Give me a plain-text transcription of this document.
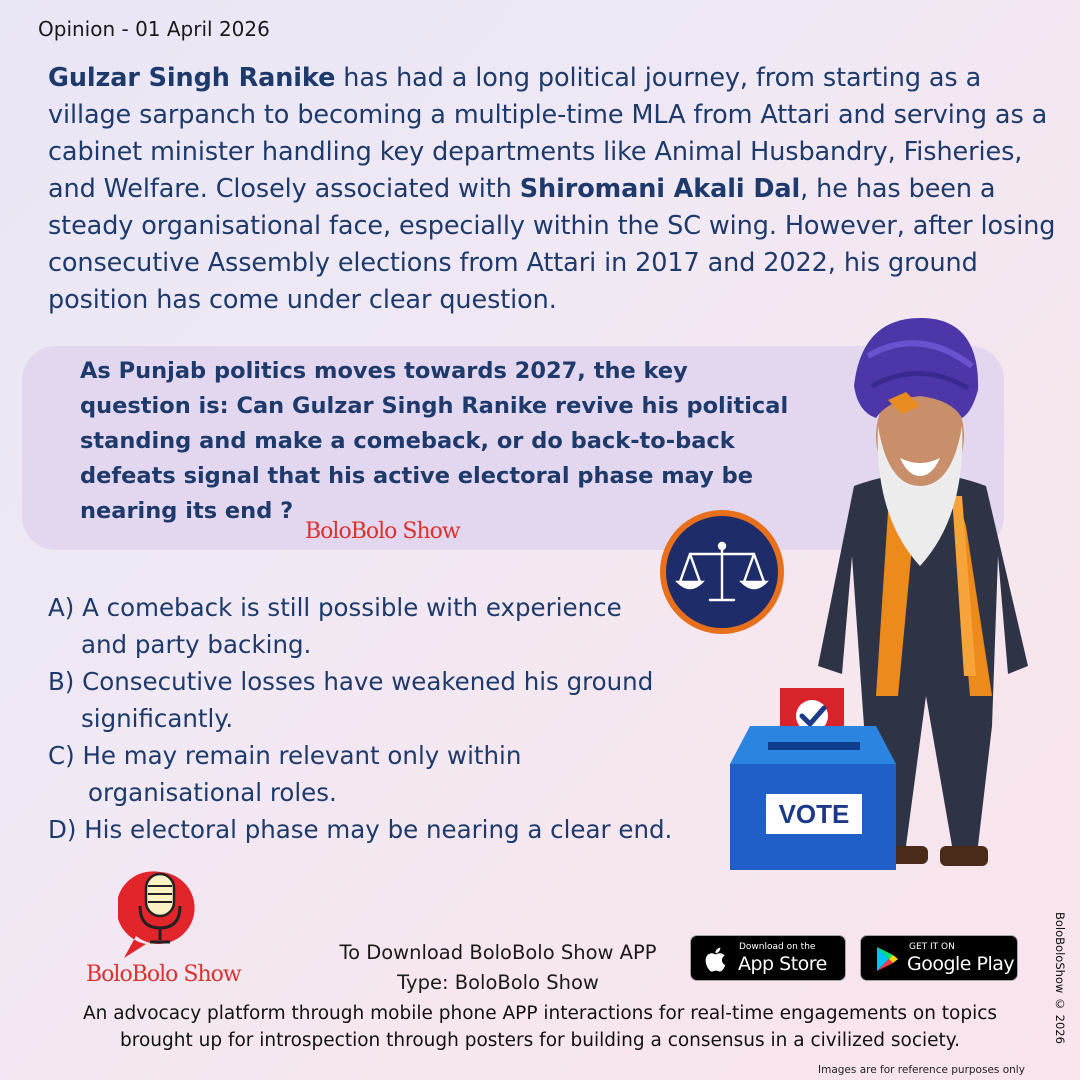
Opinion - 01 April 2026
Gulzar Singh Ranike has had a long political journey, from starting as a village sarpanch to becoming a multiple-time MLA from Attari and serving as a cabinet minister handling key departments like Animal Husbandry, Fisheries, and Welfare. Closely associated with Shiromani Akali Dal, he has been a steady organisational face, especially within the SC wing. However, after losing consecutive Assembly elections from Attari in 2017 and 2022, his ground position has come under clear question.
As Punjab politics moves towards 2027, the key question is: Can Gulzar Singh Ranike revive his political standing and make a comeback, or do back-to-back defeats signal that his active electoral phase may be nearing its end ?
BoloBolo Show
A) A comeback is still possible with experience
and party backing.
B) Consecutive losses have weakened his ground
significantly.
C) He may remain relevant only within
organisational roles.
D) His electoral phase may be nearing a clear end.
VOTE
BoloBolo Show
To Download BoloBolo Show APP
Type: BoloBolo Show
Download on the
App Store
GET IT ON
Google Play
An advocacy platform through mobile phone APP interactions for real-time engagements on topics
brought up for introspection through posters for building a consensus in a civilized society.	BoloBoloShow © 2026
Images are for reference purposes only
